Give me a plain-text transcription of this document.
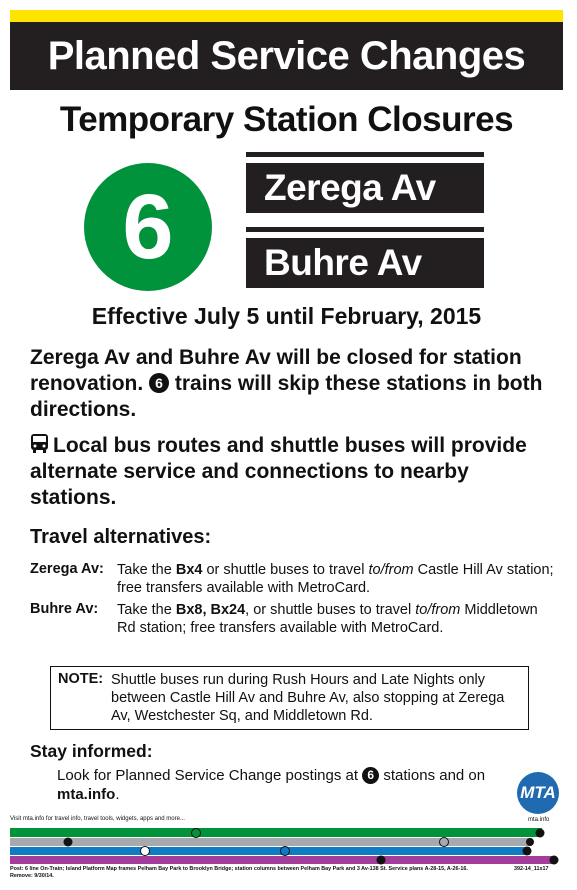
Planned Service Changes
Temporary Station Closures
6	Zerega Av
Buhre Av
Effective July 5 until February, 2015
Zerega Av and Buhre Av will be closed for station renovation. 6 trains will skip these stations in both directions.
Local bus routes and shuttle buses will provide alternate service and connections to nearby stations.
Travel alternatives:
Zerega Av: Take the Bx4 or shuttle buses to travel to/from Castle Hill Av station; free transfers available with MetroCard.
Buhre Av: Take the Bx8, Bx24, or shuttle buses to travel to/from Middletown Rd station; free transfers available with MetroCard.
NOTE: Shuttle buses run during Rush Hours and Late Nights only between Castle Hill Av and Buhre Av, also stopping at Zerega Av, Westchester Sq, and Middletown Rd.
Stay informed:
Look for Planned Service Change postings at 6 stations and on mta.info.	MTA
mta.info
Visit mta.info for travel info, travel tools, widgets, apps and more...
Post: 6 line On-Train; Island Platform Map frames Pelham Bay Park to Brooklyn Bridge; station columns between Pelham Bay Park and 3 Av-138 St. Service plans A-28-15, A-26-16. Remove: 9/30/14.
392-14_11x17
